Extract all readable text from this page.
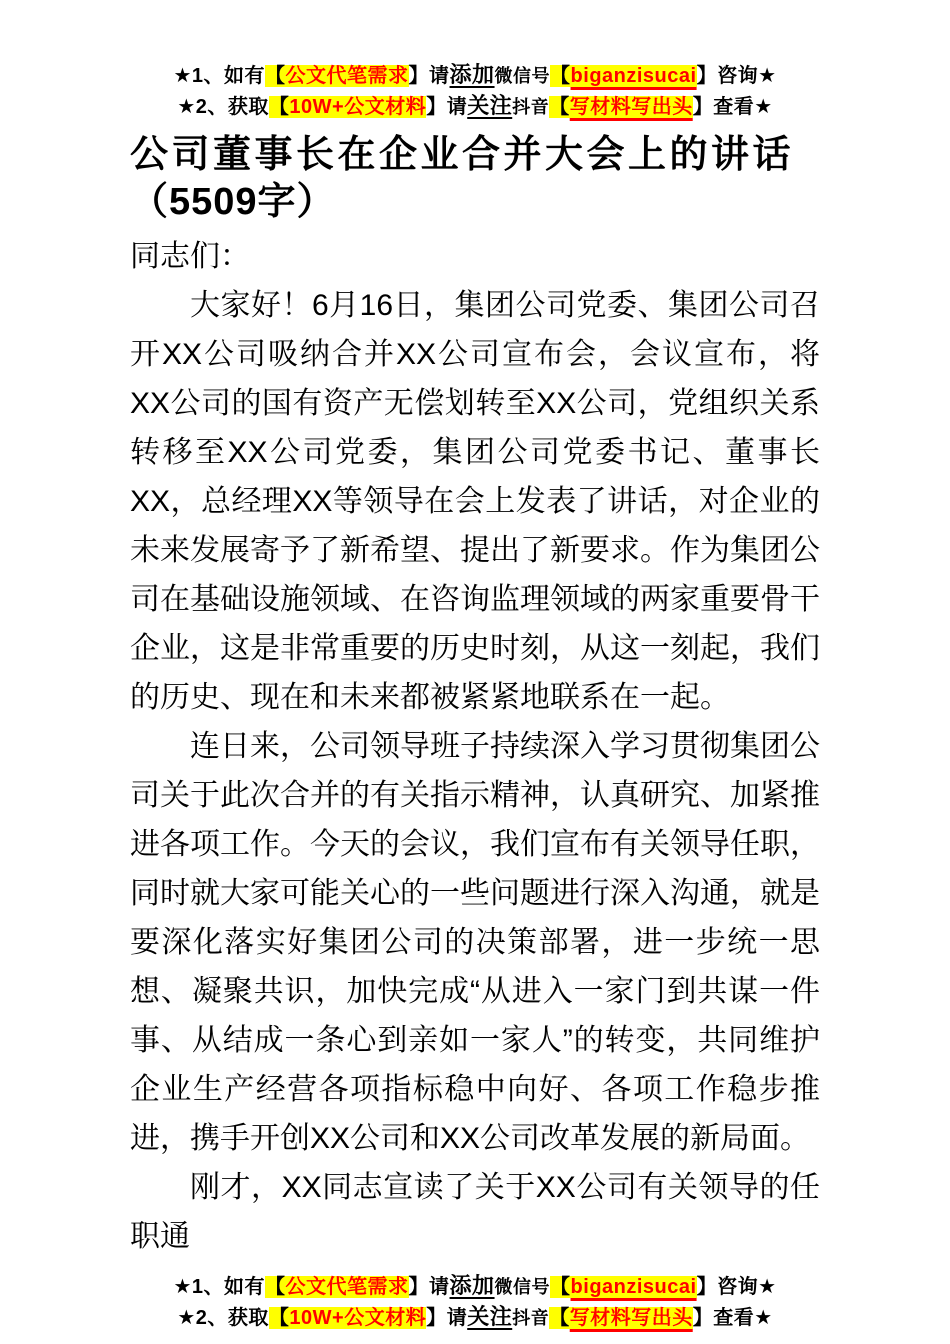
★1、如有【公文代笔需求】请添加微信号【biganzisucai】咨询★
★2、获取【10W+公文材料】请关注抖音【写材料写出头】查看★
公司董事长在企业合并大会上的讲话
（5509字）

同志们：

大家好！6月16日，集团公司党委、集团公司召开XX公司吸纳合并XX公司宣布会，会议宣布，将XX公司的国有资产无偿划转至XX公司，党组织关系转移至XX公司党委，集团公司党委书记、董事长XX，总经理XX等领导在会上发表了讲话，对企业的未来发展寄予了新希望、提出了新要求。作为集团公司在基础设施领域、在咨询监理领域的两家重要骨干企业，这是非常重要的历史时刻，从这一刻起，我们的历史、现在和未来都被紧紧地联系在一起。

连日来，公司领导班子持续深入学习贯彻集团公司关于此次合并的有关指示精神，认真研究、加紧推进各项工作。今天的会议，我们宣布有关领导任职，同时就大家可能关心的一些问题进行深入沟通，就是要深化落实好集团公司的决策部署，进一步统一思想、凝聚共识，加快完成“从进入一家门到共谋一件事、从结成一条心到亲如一家人”的转变，共同维护企业生产经营各项指标稳中向好、各项工作稳步推进，携手开创XX公司和XX公司改革发展的新局面。

刚才，XX同志宣读了关于XX公司有关领导的任职通

★1、如有【公文代笔需求】请添加微信号【biganzisucai】咨询★
★2、获取【10W+公文材料】请关注抖音【写材料写出头】查看★
